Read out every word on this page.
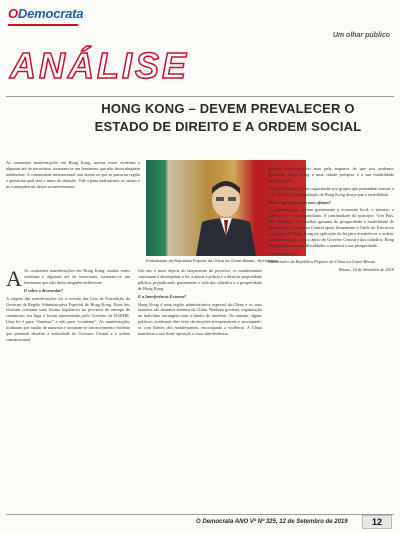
ODemocrata
Um olhar público
ANÁLISE
HONG KONG – DEVEM PREVALECER O
ESTADO DE DIREITO E A ORDEM SOCIAL

As constantes manifestações em Hong Kong, muitas vezes violentas e algumas até de terrorismo, tornaram-se um fenómeno que não deixa ninguém indiferente. A comunidade internacional está atenta ao que se passa na região e questiona qual será o rumo da situação. Vale a pena analisarmos as causas e as consequências destes acontecimentos.

Embaixador da República Popular da China na Guiné-Bissau, Jin Hongjun

A As constantes manifestações em Hong Kong, muitas vezes violentas e algumas até de terrorismo, tornaram-se um fenómeno que não deixa ninguém indiferente.

O sobre o desenrolar?

A origem das manifestações foi a revisão das Leis de Extradição do Governo da Região Administrativa Especial de Hong Kong. Estas leis visavam colmatar uma lacuna legislativa no processo de entrega de criminosos em fuga e foram apresentadas pelo Governo da RAEHK. Uma lei é para “iluminar” e não para “condenar”. As manifestações acabaram por mudar de natureza e tornaram-se um movimento violento que pretende desafiar a autoridade do Governo Central e a ordem constitucional.

Um ano e meio depois do lançamento do processo, os manifestantes continuam a desrespeitar a lei, a atacar a polícia e a destruir propriedade pública, prejudicando gravemente a vida dos cidadãos e a prosperidade de Hong Kong.

E a Interferência Externa?

Hong Kong é uma região administrativa especial da China e os seus assuntos são assuntos internos da China. Nenhum governo, organização ou indivíduo estrangeiro tem o direito de interferir. No entanto, alguns políticos ocidentais têm feito declarações irresponsáveis e encontrado-se com líderes dos manifestantes, encorajando a violência. A China manifesta a sua firme oposição a estas interferências.

grandes transformações mas pela negativa de que nos podemos aperceber. Hong Kong é uma cidade próspera e a sua estabilidade beneficia todos.

As manifestações foram organizadas por grupos que pretendem semear o caos. A maioria da população de Hong Kong deseja paz e estabilidade.

Para o que é que estes atos afetam?

As manifestações afetam gravemente a economia local, o turismo, o comércio e a vida quotidiana. A continuidade do princípio “Um País, Dois Sistemas” é a melhor garantia da prosperidade e estabilidade de Hong Kong. O Governo Central apoia firmemente a Chefe do Executivo e a polícia de Hong Kong na aplicação da lei para restabelecer a ordem. Acreditamos que, com o apoio do Governo Central e dos cidadãos, Hong Kong ultrapassará as dificuldades e manterá a sua prosperidade.

Por Jin Hongjun

Embaixador da República Popular da China na Guiné-Bissau

Bissau, 10 de Setembro de 2019

O Democrata ANO Vº Nº 325, 12 de Setembro de 2019	12
